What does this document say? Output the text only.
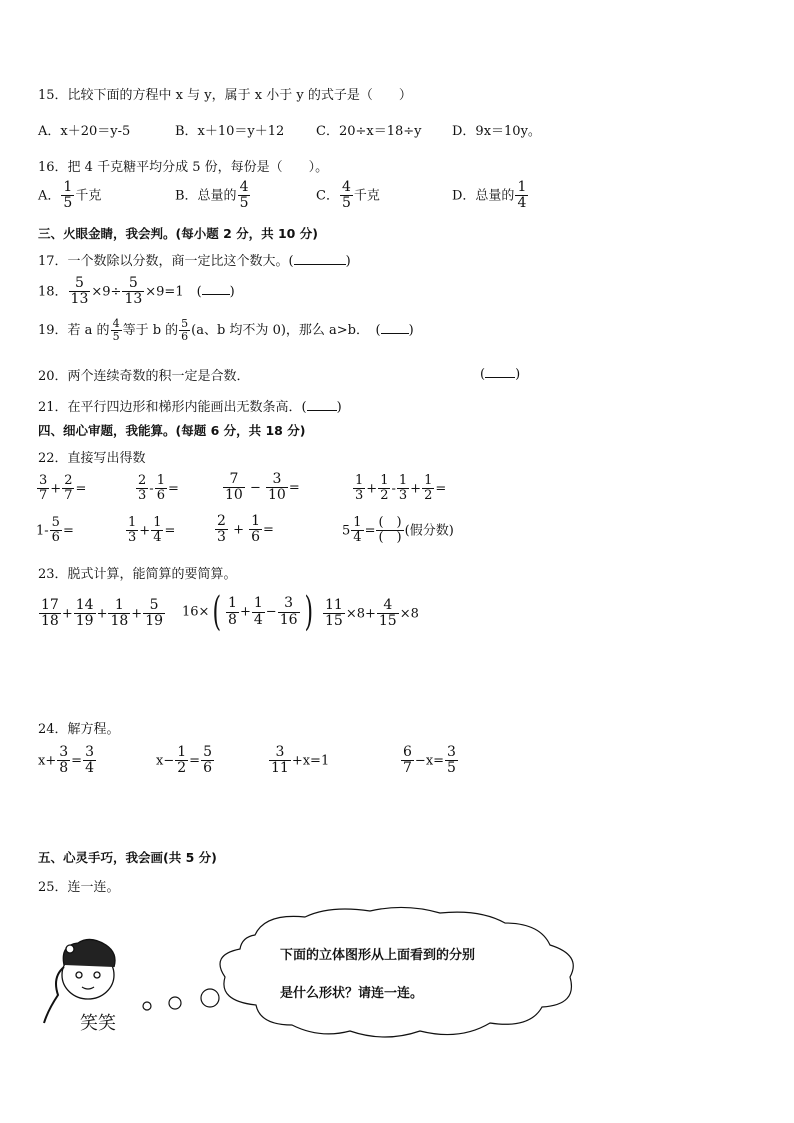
15．比较下面的方程中 x 与 y，属于 x 小于 y 的式子是（　　）
A．x＋20＝y-5	B．x＋10＝y＋12 C．20÷x＝18÷y D．9x＝10y。
16．把 4 千克糖平均分成 5 份，每份是（　　）。
A． $\frac{1}{5}$ 千克	B．总量的 $\frac{4}{5}$	C． $\frac{4}{5}$ 千克	D．总量的 $\frac{1}{4}$
三、火眼金睛，我会判。(每小题 2 分，共 10 分)
17．一个数除以分数，商一定比这个数大。(	)
18． $\frac{5}{13} \times 9\div \frac{5}{13} \times 9=1$　( )
19．若 a 的 $\frac{4}{5}$ 等于 b 的 $\frac{5}{6} (a$、b 均不为 0)，那么 a>b．　( )
20．两个连续奇数的积一定是合数．	( )
21．在平行四边形和梯形内能画出无数条高．( )
四、细心审题，我能算。(每题 6 分，共 18 分)
22．直接写出得数
$\frac{3}{7} + \frac{2}{7}$ =	$\frac{2}{3} - \frac{1}{6}$ =	$\frac{7}{10} - \frac{3}{10}$ =	$\frac{1}{3} + \frac{1}{2} - \frac{1}{3} + \frac{1}{2}$ =
$1- \frac{5}{6}$ =	$\frac{1}{3} + \frac{1}{4}$ =	$\frac{2}{3} + \frac{1}{6}$ =	$5 \frac{1}{4} = \frac{( )}{( )}$ (假分数)
23．脱式计算，能简算的要简算。
$\frac{17}{18} + \frac{14}{19} + \frac{1}{18} + \frac{5}{19} 16\times( \frac{1}{8} + \frac{1}{4} - \frac{3}{16}$ ) $\frac{11}{15} \times 8+ \frac{4}{15} \times 8$
24．解方程。
$x+ \frac{3}{8} = \frac{3}{4}$	$x- \frac{1}{2} = \frac{5}{6}$	$\frac{3}{11} +x=1$	$\frac{6}{7} -x= \frac{3}{5}$
五、心灵手巧，我会画(共 5 分)
25．连一连。
笑笑
下面的立体图形从上面看到的分别
是什么形状？请连一连。
